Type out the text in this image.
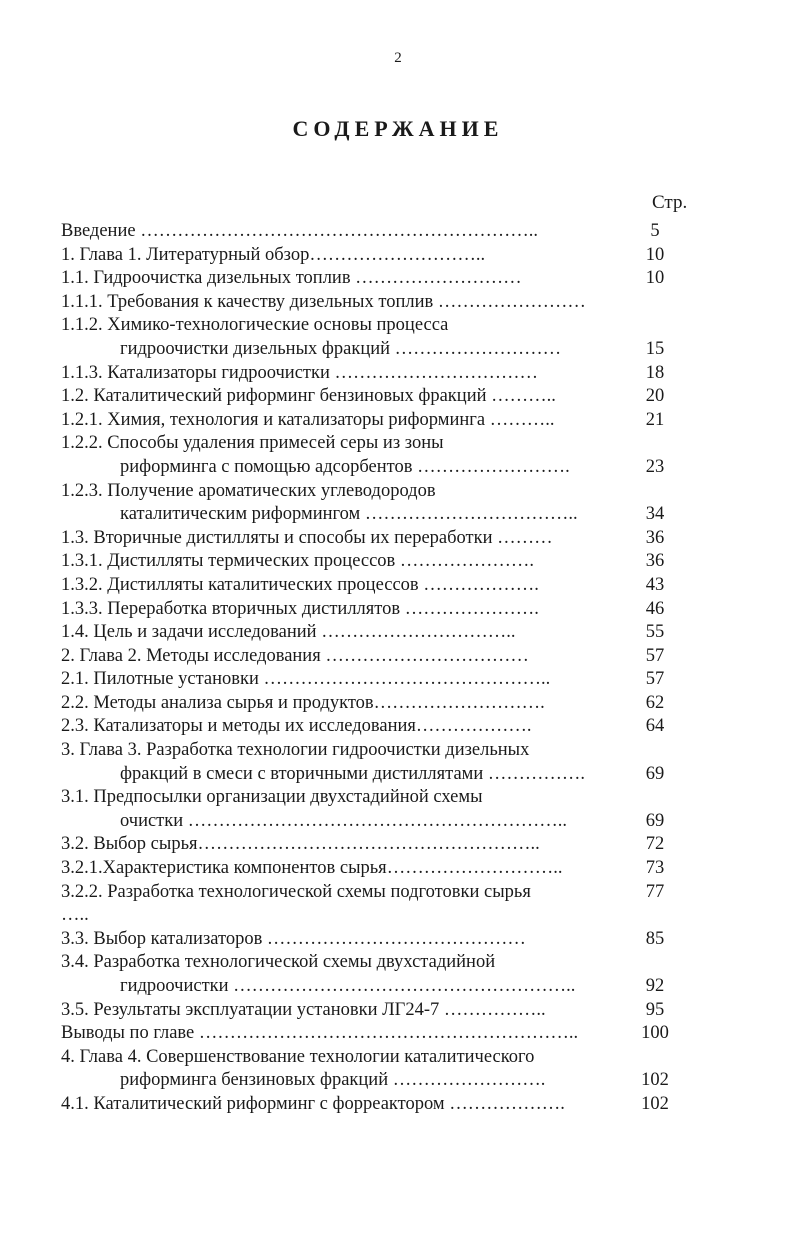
2
СОДЕРЖАНИЕ
Стр.
Введение ………………………………………………………..	5
1. Глава 1. Литературный обзор………………………..	10
1.1. Гидроочистка дизельных топлив ………………………	10
1.1.1. Требования к качеству дизельных топлив ……………………
1.1.2. Химико-технологические основы процесса
гидроочистки дизельных фракций ………………………	15
1.1.3. Катализаторы гидроочистки ……………………………	18
1.2. Каталитический риформинг бензиновых фракций ………..	20
1.2.1. Химия, технология и катализаторы риформинга ………..	21
1.2.2. Способы удаления примесей серы из зоны
риформинга с помощью адсорбентов …………………….	23
1.2.3. Получение ароматических углеводородов
каталитическим риформингом ……………………………..	34
1.3. Вторичные дистилляты и способы их переработки ………	36
1.3.1. Дистилляты термических процессов ………………….	36
1.3.2. Дистилляты каталитических процессов ……………….	43
1.3.3. Переработка вторичных дистиллятов ………………….	46
1.4. Цель и задачи исследований …………………………..	55
2. Глава 2. Методы исследования ……………………………	57
2.1. Пилотные установки ………………………………………..	57
2.2. Методы анализа сырья и продуктов……………………….	62
2.3. Катализаторы и методы их исследования……………….	64
3. Глава 3. Разработка технологии гидроочистки дизельных
фракций в смеси с вторичными дистиллятами …………….	69
3.1. Предпосылки организации двухстадийной схемы
очистки ……………………………………………………..	69
3.2. Выбор сырья………………………………………………..	72
3.2.1.Характеристика компонентов сырья………………………..	73
3.2.2. Разработка технологической схемы подготовки сырья	77
…..
3.3. Выбор катализаторов ……………………………………	85
3.4. Разработка технологической схемы двухстадийной
гидроочистки ………………………………………………..	92
3.5. Результаты эксплуатации установки ЛГ24-7 ……………..	95
Выводы по главе ……………………………………………………..	100
4. Глава 4. Совершенствование технологии каталитического
риформинга бензиновых фракций …………………….	102
4.1. Каталитический риформинг с форреактором ……………….	102
